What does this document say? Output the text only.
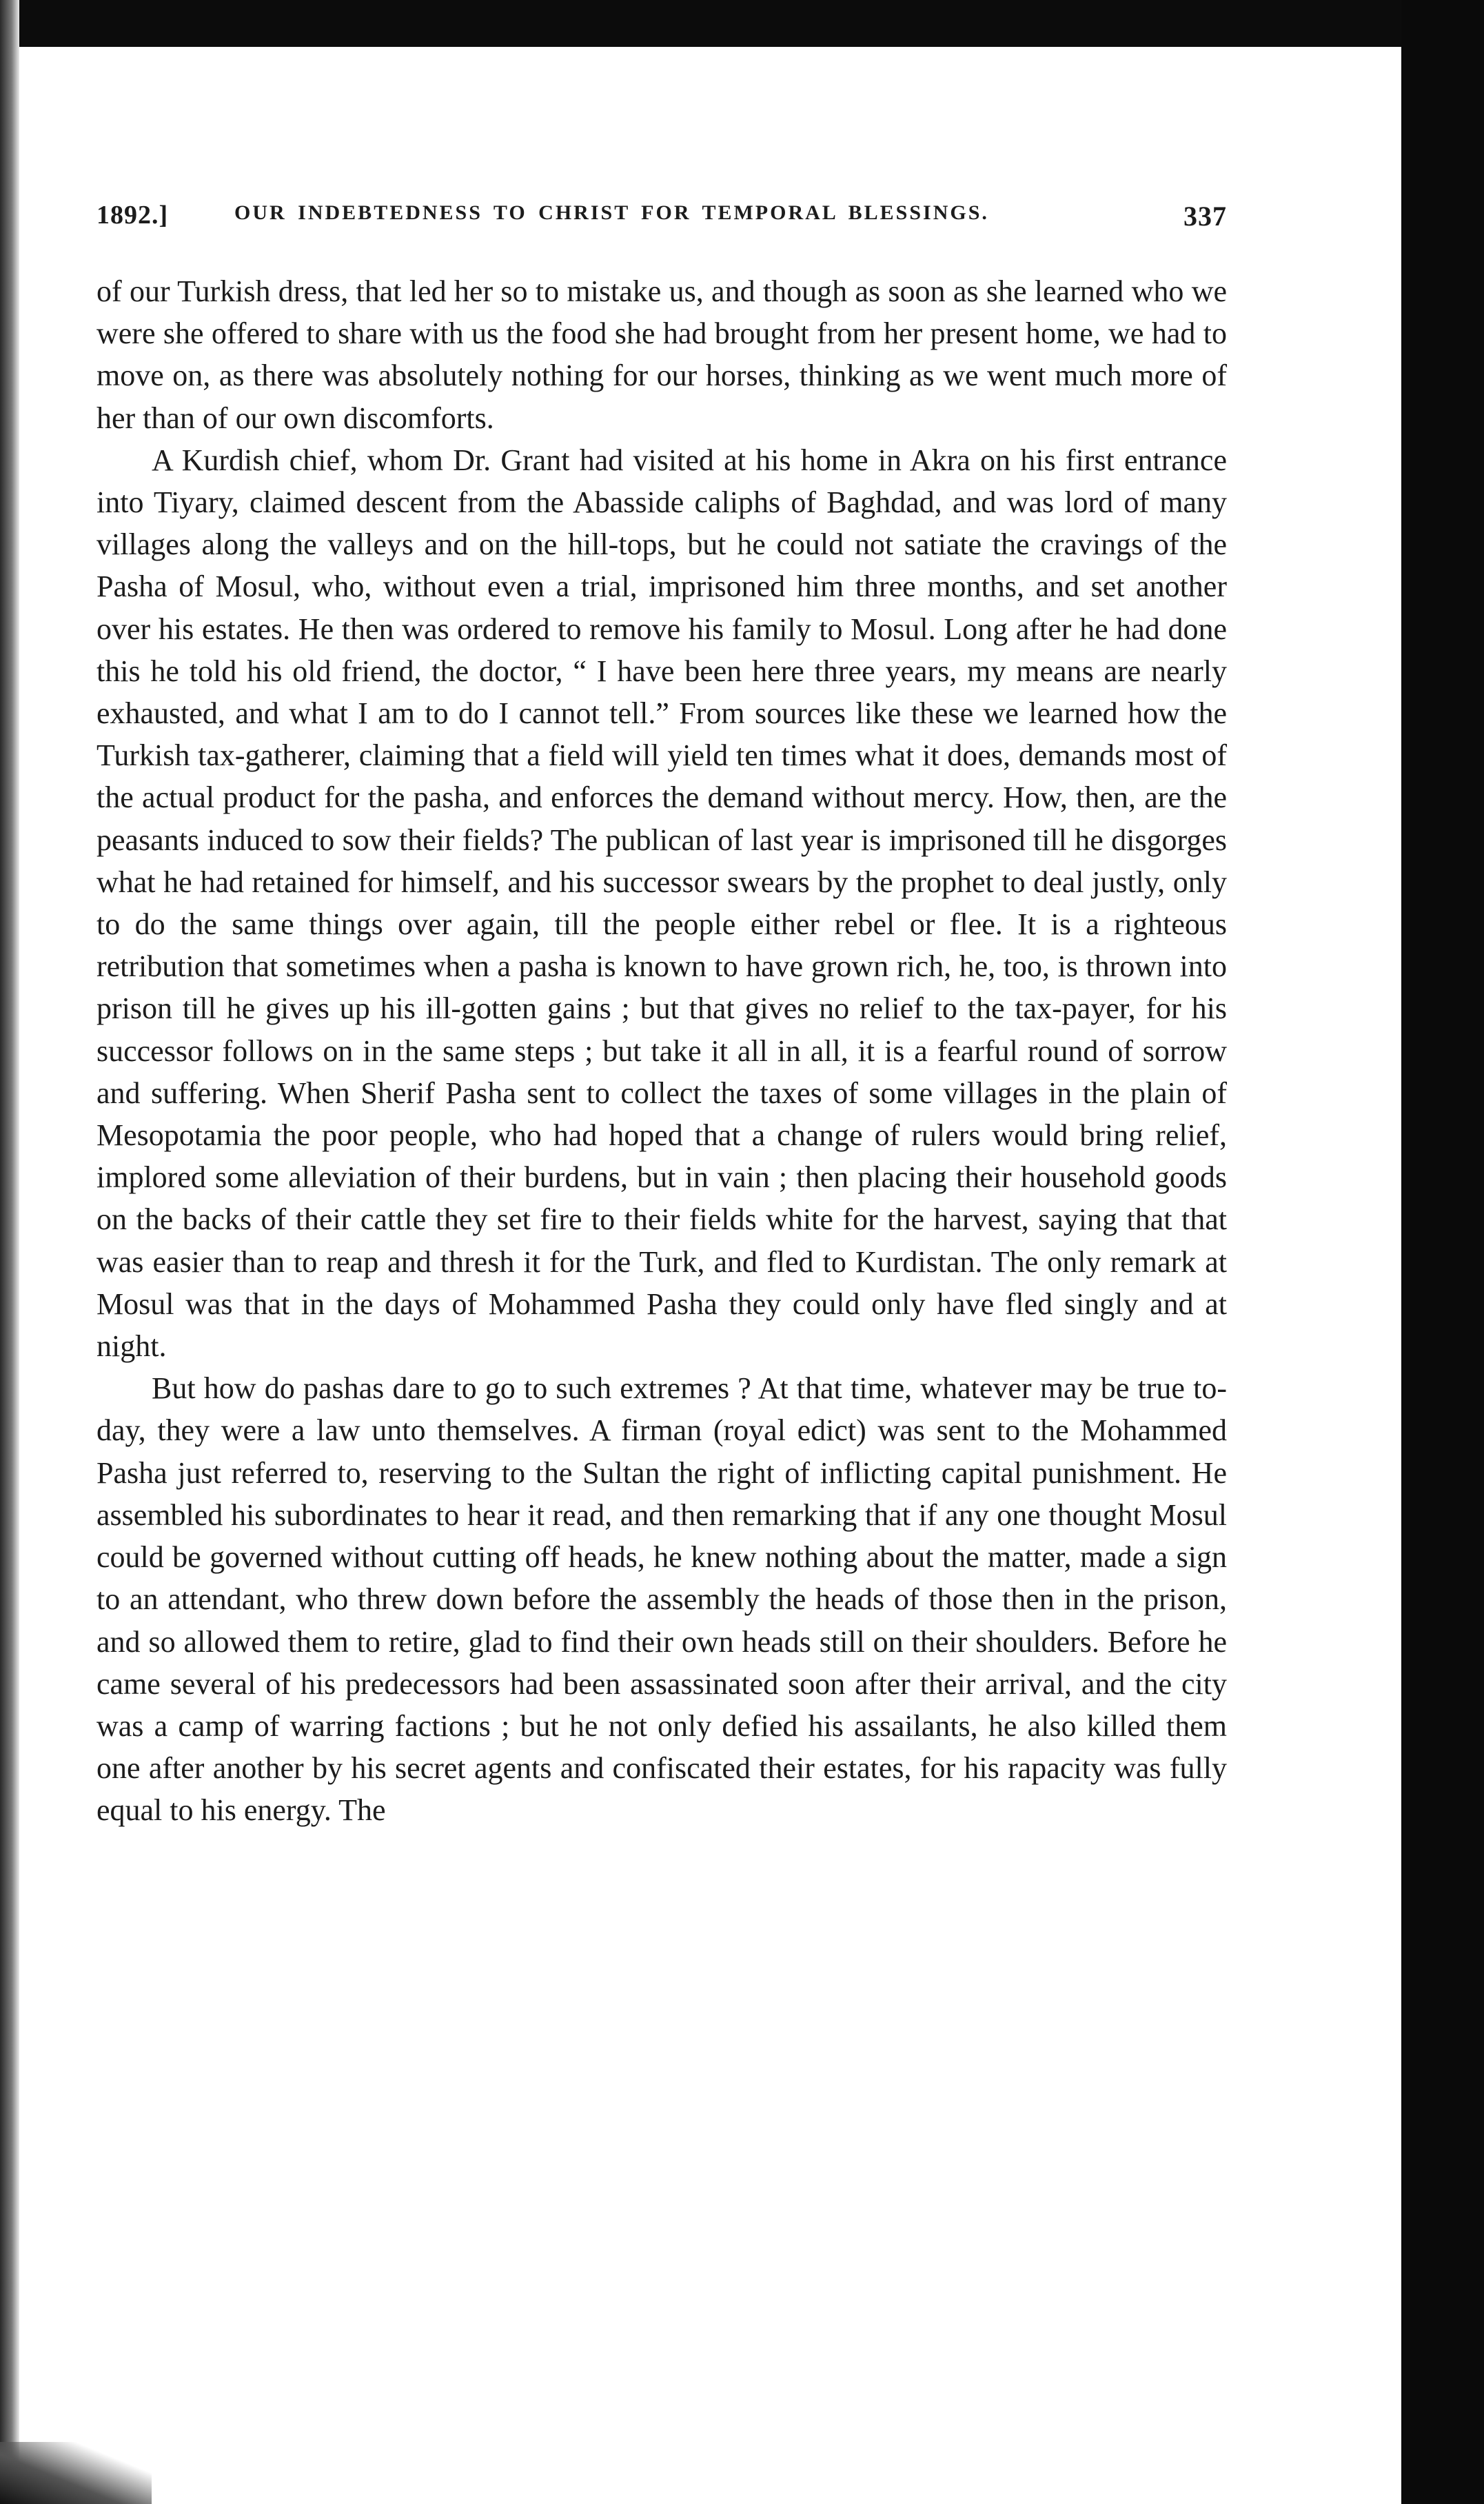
1892.]	OUR INDEBTEDNESS TO CHRIST FOR TEMPORAL BLESSINGS.	337

of our Turkish dress, that led her so to mistake us, and though as soon as she learned who we were she offered to share with us the food she had brought from her present home, we had to move on, as there was absolutely nothing for our horses, thinking as we went much more of her than of our own discomforts.

A Kurdish chief, whom Dr. Grant had visited at his home in Akra on his first entrance into Tiyary, claimed descent from the Abasside caliphs of Baghdad, and was lord of many villages along the valleys and on the hill-tops, but he could not satiate the cravings of the Pasha of Mosul, who, without even a trial, imprisoned him three months, and set another over his estates. He then was ordered to remove his family to Mosul. Long after he had done this he told his old friend, the doctor, “ I have been here three years, my means are nearly exhausted, and what I am to do I cannot tell.” From sources like these we learned how the Turkish tax-gatherer, claiming that a field will yield ten times what it does, demands most of the actual product for the pasha, and enforces the demand without mercy. How, then, are the peasants induced to sow their fields? The publican of last year is imprisoned till he disgorges what he had retained for himself, and his successor swears by the prophet to deal justly, only to do the same things over again, till the people either rebel or flee. It is a righteous retribution that sometimes when a pasha is known to have grown rich, he, too, is thrown into prison till he gives up his ill-gotten gains ; but that gives no relief to the tax-payer, for his successor follows on in the same steps ; but take it all in all, it is a fearful round of sorrow and suffering. When Sherif Pasha sent to collect the taxes of some villages in the plain of Mesopotamia the poor people, who had hoped that a change of rulers would bring relief, implored some alleviation of their burdens, but in vain ; then placing their household goods on the backs of their cattle they set fire to their fields white for the harvest, saying that that was easier than to reap and thresh it for the Turk, and fled to Kurdistan. The only remark at Mosul was that in the days of Mohammed Pasha they could only have fled singly and at night.

But how do pashas dare to go to such extremes ? At that time, whatever may be true to-day, they were a law unto themselves. A firman (royal edict) was sent to the Mohammed Pasha just referred to, reserving to the Sultan the right of inflicting capital punishment. He assembled his subordinates to hear it read, and then remarking that if any one thought Mosul could be governed without cutting off heads, he knew nothing about the matter, made a sign to an attendant, who threw down before the assembly the heads of those then in the prison, and so allowed them to retire, glad to find their own heads still on their shoulders. Before he came several of his predecessors had been assassinated soon after their arrival, and the city was a camp of warring factions ; but he not only defied his assailants, he also killed them one after another by his secret agents and confiscated their estates, for his rapacity was fully equal to his energy. The
